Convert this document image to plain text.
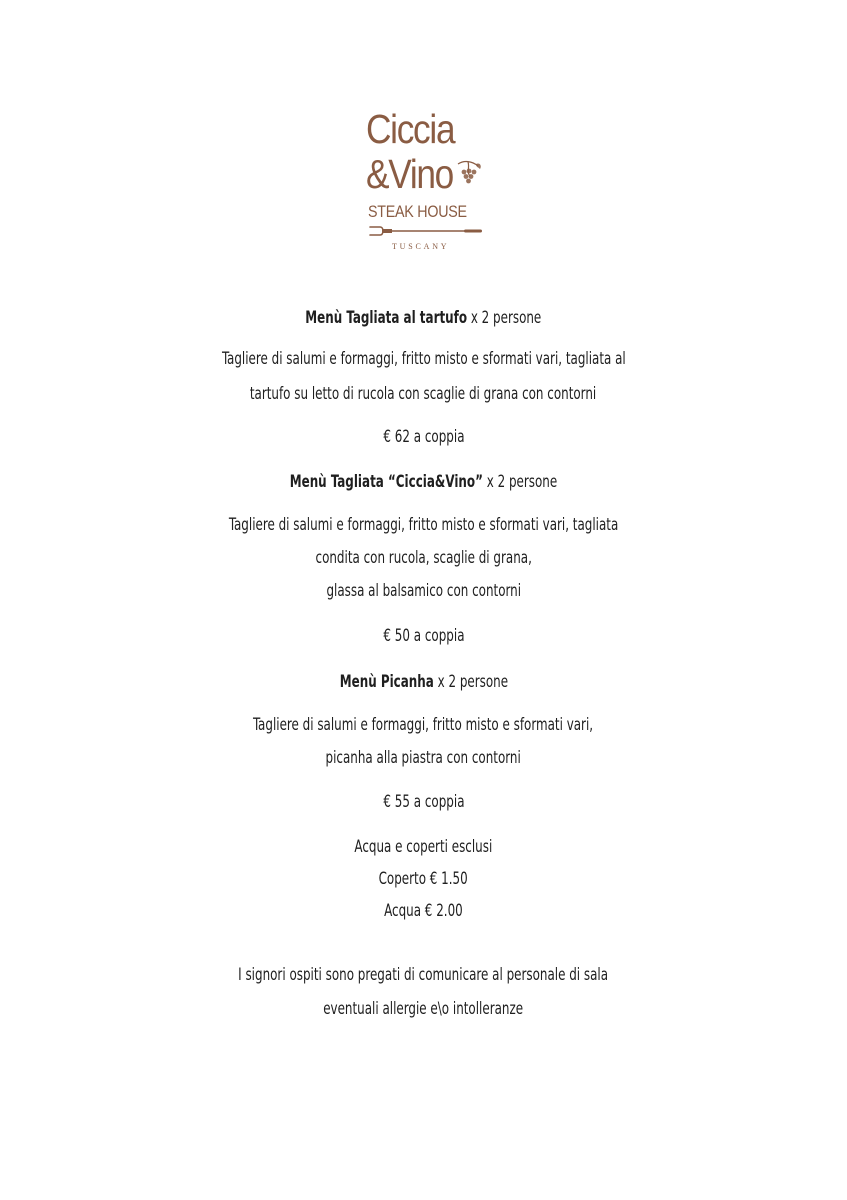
Ciccia
&Vino
STEAK HOUSE
TUSCANY
Menù Tagliata al tartufo x 2 persone
Tagliere di salumi e formaggi, fritto misto e sformati vari, tagliata al
tartufo su letto di rucola con scaglie di grana con contorni
€ 62 a coppia
Menù Tagliata “Ciccia&Vino” x 2 persone
Tagliere di salumi e formaggi, fritto misto e sformati vari, tagliata
condita con rucola, scaglie di grana,
glassa al balsamico con contorni
€ 50 a coppia
Menù Picanha x 2 persone
Tagliere di salumi e formaggi, fritto misto e sformati vari,
picanha alla piastra con contorni
€ 55 a coppia
Acqua e coperti esclusi
Coperto € 1.50
Acqua € 2.00
I signori ospiti sono pregati di comunicare al personale di sala
eventuali allergie e\o intolleranze
